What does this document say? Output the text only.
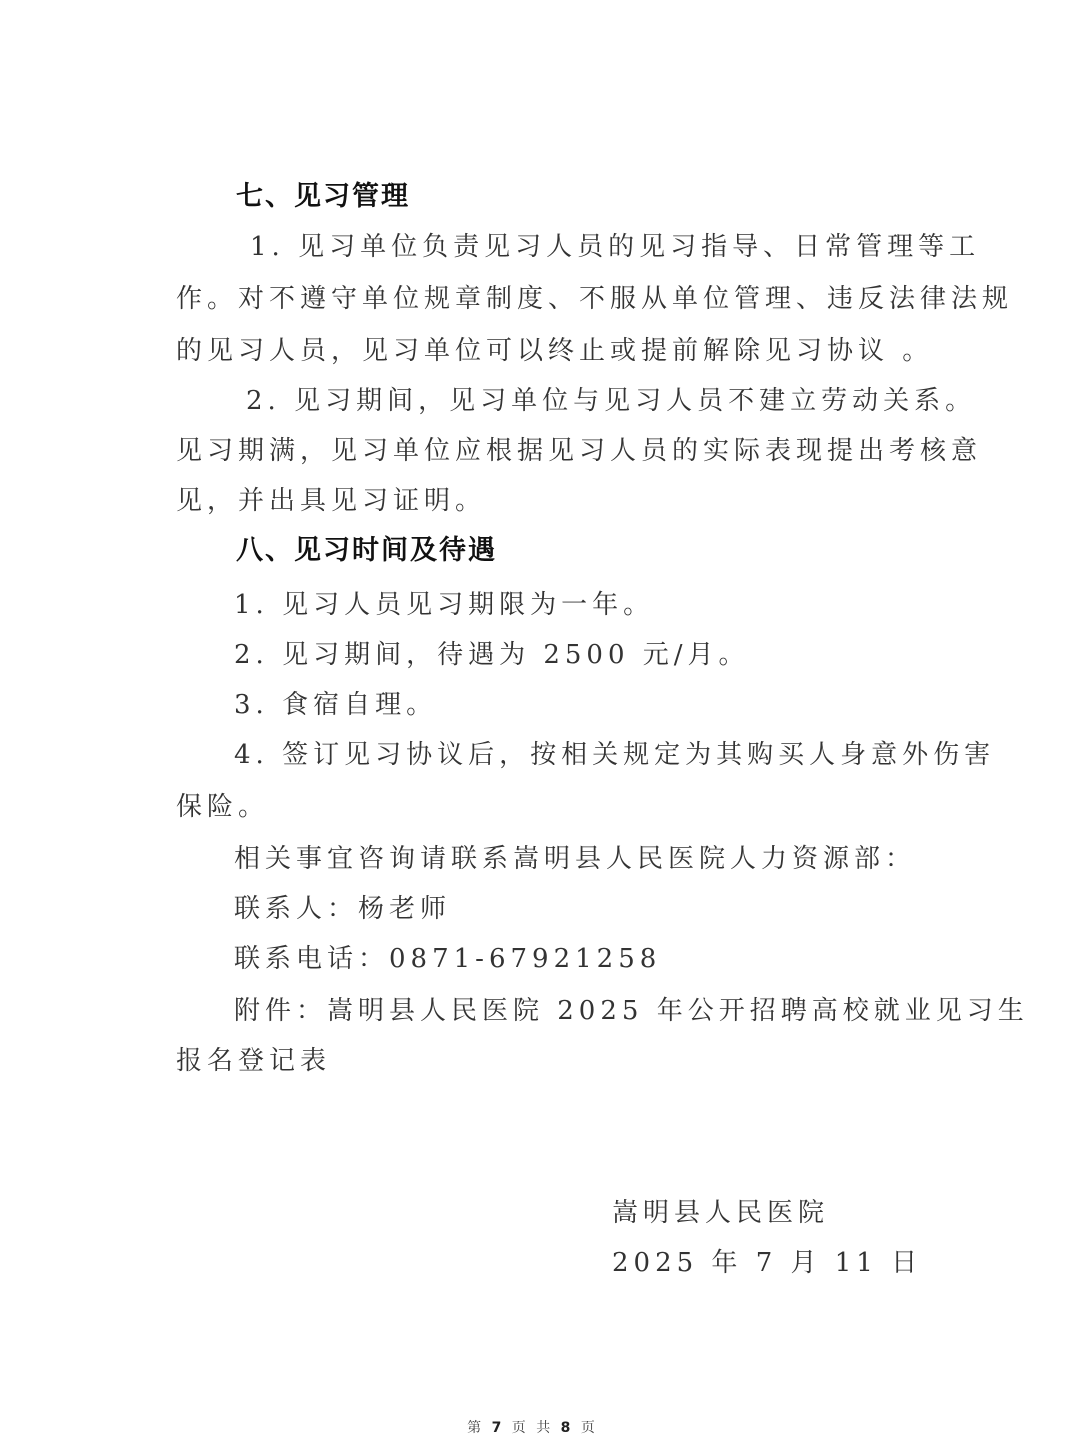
七、见习管理
1. 见习单位负责见习人员的见习指导、日常管理等工
作。对不遵守单位规章制度、不服从单位管理、违反法律法规
的见习人员，见习单位可以终止或提前解除见习协议 。
2. 见习期间，见习单位与见习人员不建立劳动关系。
见习期满，见习单位应根据见习人员的实际表现提出考核意
见，并出具见习证明。
八、见习时间及待遇
1. 见习人员见习期限为一年。
2. 见习期间，待遇为 2500 元/月。
3. 食宿自理。
4. 签订见习协议后，按相关规定为其购买人身意外伤害
保险。
相关事宜咨询请联系嵩明县人民医院人力资源部：
联系人：杨老师
联系电话：0871-67921258
附件：嵩明县人民医院 2025 年公开招聘高校就业见习生
报名登记表
嵩明县人民医院
2025 年 7 月 11 日
第 7 页 共 8 页
